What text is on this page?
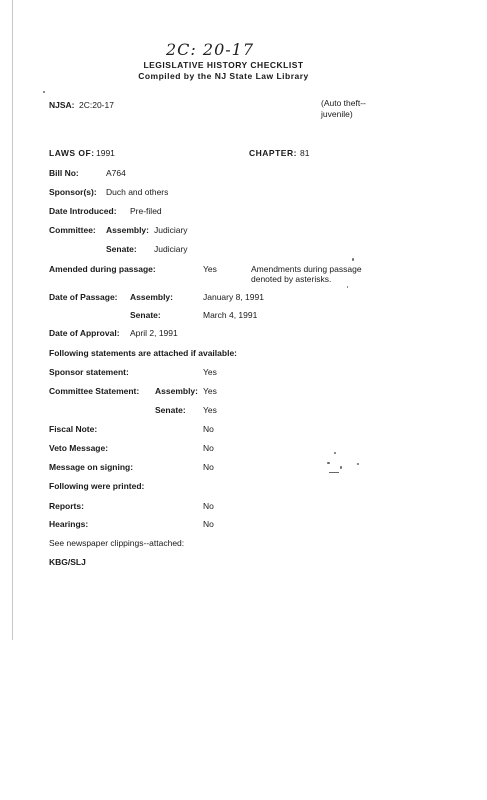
2C: 20-17
LEGISLATIVE HISTORY CHECKLIST
Compiled by the NJ State Law Library
NJSA: 2C:20-17	(Auto theft--
juvenile)
LAWS OF: 1991	CHAPTER: 81
Bill No:	A764
Sponsor(s): Duch and others
Date Introduced: Pre-filed
Committee: Assembly: Judiciary
Senate: Judiciary
Amended during passage:	Yes	Amendments during passage
denoted by asterisks.
Date of Passage: Assembly:	January 8, 1991
Senate:	March 4, 1991
Date of Approval: April 2, 1991
Following statements are attached if available:
Sponsor statement:	Yes
Committee Statement: Assembly: Yes
Senate: Yes
Fiscal Note:	No
Veto Message:	No
Message on signing:	No
Following were printed:
Reports:	No
Hearings:	No
See newspaper clippings--attached:
KBG/SLJ
